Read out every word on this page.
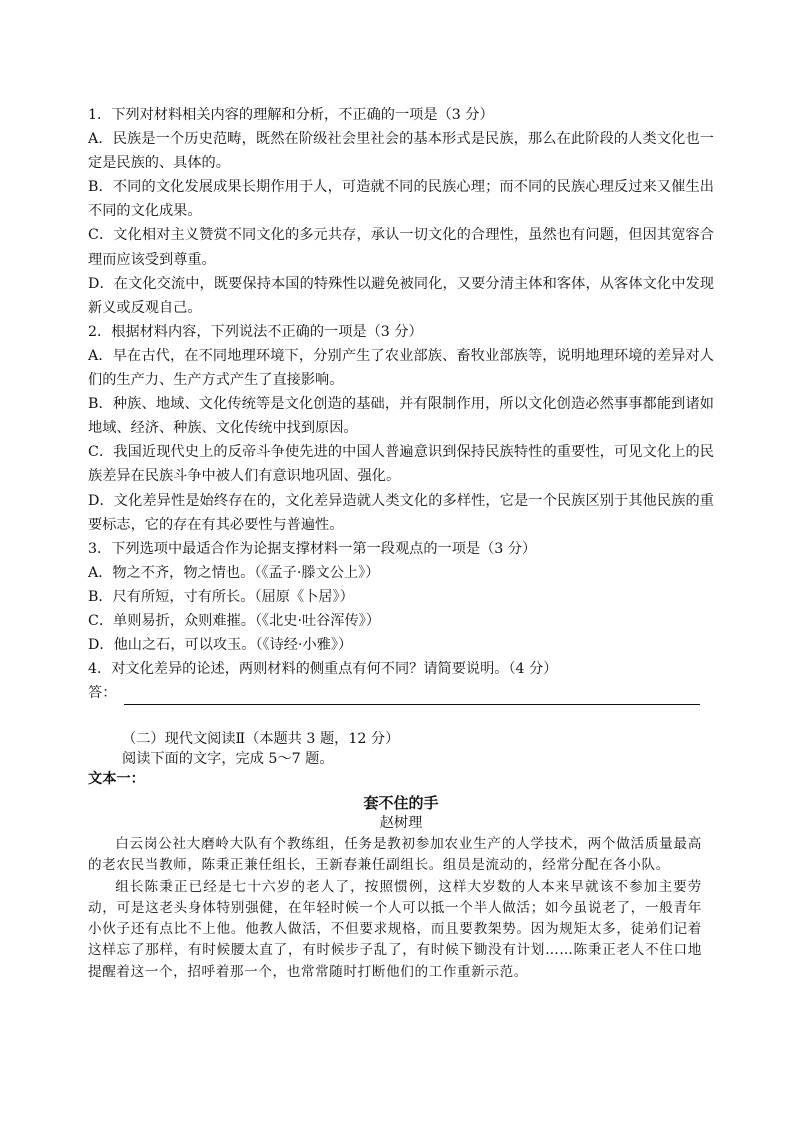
1．下列对材料相关内容的理解和分析，不正确的一项是（3 分）

A．民族是一个历史范畴，既然在阶级社会里社会的基本形式是民族，那么在此阶段的人类文化也一定是民族的、具体的。

B．不同的文化发展成果长期作用于人，可造就不同的民族心理；而不同的民族心理反过来又催生出不同的文化成果。

C．文化相对主义赞赏不同文化的多元共存，承认一切文化的合理性，虽然也有问题，但因其宽容合理而应该受到尊重。

D．在文化交流中，既要保持本国的特殊性以避免被同化，又要分清主体和客体，从客体文化中发现新义或反观自己。

2．根据材料内容，下列说法不正确的一项是（3 分）

A．早在古代，在不同地理环境下，分别产生了农业部族、畜牧业部族等，说明地理环境的差异对人们的生产力、生产方式产生了直接影响。

B．种族、地域、文化传统等是文化创造的基础，并有限制作用，所以文化创造必然事事都能到诸如地域、经济、种族、文化传统中找到原因。

C．我国近现代史上的反帝斗争使先进的中国人普遍意识到保持民族特性的重要性，可见文化上的民族差异在民族斗争中被人们有意识地巩固、强化。

D．文化差异性是始终存在的，文化差异造就人类文化的多样性，它是一个民族区别于其他民族的重要标志，它的存在有其必要性与普遍性。

3．下列选项中最适合作为论据支撑材料一第一段观点的一项是（3 分）

A．物之不齐，物之情也。（《孟子·滕文公上》）

B．尺有所短，寸有所长。（屈原《卜居》）

C．单则易折，众则难摧。（《北史·吐谷浑传》）

D．他山之石，可以攻玉。（《诗经·小雅》）

4．对文化差异的论述，两则材料的侧重点有何不同？请简要说明。（4 分）

答：

（二）现代文阅读Ⅱ（本题共 3 题，12 分）

阅读下面的文字，完成 5～7 题。

文本一：

套不住的手

赵树理

白云岗公社大磨岭大队有个教练组，任务是教初参加农业生产的人学技术，两个做活质量最高的老农民当教师，陈秉正兼任组长，王新春兼任副组长。组员是流动的，经常分配在各小队。

组长陈秉正已经是七十六岁的老人了，按照惯例，这样大岁数的人本来早就该不参加主要劳动，可是这老头身体特别强健，在年轻时候一个人可以抵一个半人做活；如今虽说老了，一般青年小伙子还有点比不上他。他教人做活，不但要求规格，而且要教架势。因为规矩太多，徒弟们记着这样忘了那样，有时候腰太直了，有时候步子乱了，有时候下锄没有计划……陈秉正老人不住口地提醒着这一个，招呼着那一个，也常常随时打断他们的工作重新示范。
